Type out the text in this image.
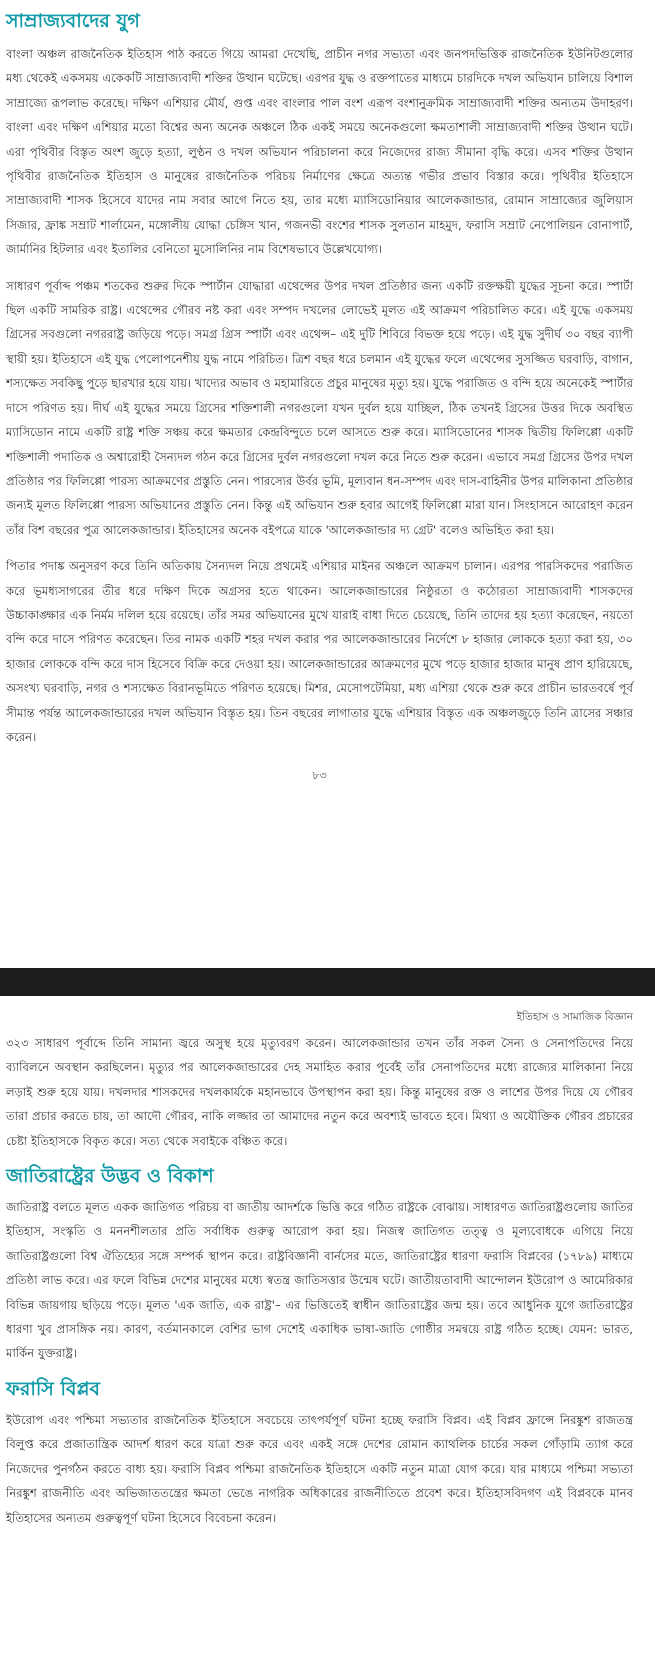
সাম্রাজ্যবাদের যুগ

বাংলা অঞ্চল রাজনৈতিক ইতিহাস পাঠ করতে গিয়ে আমরা দেখেছি, প্রাচীন নগর সভ্যতা এবং জনপদভিত্তিক রাজনৈতিক ইউনিটগুলোর মধ্য থেকেই একসময় একেকটি সাম্রাজ্যবাদী শক্তির উত্থান ঘটেছে। এরপর যুদ্ধ ও রক্তপাতের মাধ্যমে চারদিকে দখল অভিযান চালিয়ে বিশাল সাম্রাজ্যে রূপলাভ করেছে। দক্ষিণ এশিয়ার মৌর্য, গুপ্ত এবং বাংলার পাল বংশ এরূপ বংশানুক্রমিক সাম্রাজ্যবাদী শক্তির অন্যতম উদাহরণ। বাংলা এবং দক্ষিণ এশিয়ার মতো বিশ্বের অন্য অনেক অঞ্চলে ঠিক একই সময়ে অনেকগুলো ক্ষমতাশালী সাম্রাজ্যবাদী শক্তির উত্থান ঘটে। এরা পৃথিবীর বিস্তৃত অংশ জুড়ে হত্যা, লুণ্ঠন ও দখল অভিযান পরিচালনা করে নিজেদের রাজ্য সীমানা বৃদ্ধি করে। এসব শক্তির উত্থান পৃথিবীর রাজনৈতিক ইতিহাস ও মানুষের রাজনৈতিক পরিচয় নির্মাণের ক্ষেত্রে অত্যন্ত গভীর প্রভাব বিস্তার করে। পৃথিবীর ইতিহাসে সাম্রাজ্যবাদী শাসক হিসেবে যাদের নাম সবার আগে নিতে হয়, তার মধ্যে ম্যাসিডোনিয়ার আলেকজান্ডার, রোমান সাম্রাজ্যের জুলিয়াস সিজার, ফ্রাঙ্ক সম্রাট শার্লামেন, মঙ্গোলীয় যোদ্ধা চেঙ্গিস খান, গজনভী বংশের শাসক সুলতান মাহমুদ, ফরাসি সম্রাট নেপোলিয়ন বোনাপার্ট, জার্মানির হিটলার এবং ইতালির বেনিতো মুসোলিনির নাম বিশেষভাবে উল্লেখযোগ্য।

সাধারণ পূর্বাব্দ পঞ্চম শতকের শুরুর দিকে স্পার্টান যোদ্ধারা এথেন্সের উপর দখল প্রতিষ্ঠার জন্য একটি রক্তক্ষয়ী যুদ্ধের সূচনা করে। স্পার্টা ছিল একটি সামরিক রাষ্ট্র। এথেন্সের গৌরব নষ্ট করা এবং সম্পদ দখলের লোভেই মূলত এই আক্রমণ পরিচালিত করে। এই যুদ্ধে একসময় গ্রিসের সবগুলো নগররাষ্ট্র জড়িয়ে পড়ে। সমগ্র গ্রিস স্পার্টা এবং এথেন্স– এই দুটি শিবিরে বিভক্ত হয়ে পড়ে। এই যুদ্ধ সুদীর্ঘ ৩০ বছর ব্যাপী স্থায়ী হয়। ইতিহাসে এই যুদ্ধ পেলোপনেশীয় যুদ্ধ নামে পরিচিত। ত্রিশ বছর ধরে চলমান এই যুদ্ধের ফলে এথেন্সের সুসজ্জিত ঘরবাড়ি, বাগান, শস্যক্ষেত সবকিছু পুড়ে ছারখার হয়ে যায়। খাদ্যের অভাব ও মহামারিতে প্রচুর মানুষের মৃত্যু হয়। যুদ্ধে পরাজিত ও বন্দি হয়ে অনেকেই স্পার্টার দাসে পরিণত হয়। দীর্ঘ এই যুদ্ধের সময়ে গ্রিসের শক্তিশালী নগরগুলো যখন দুর্বল হয়ে যাচ্ছিল, ঠিক তখনই গ্রিসের উত্তর দিকে অবস্থিত ম্যাসিডোন নামে একটি রাষ্ট্র শক্তি সঞ্চয় করে ক্ষমতার কেন্দ্রবিন্দুতে চলে আসতে শুরু করে। ম্যাসিডোনের শাসক দ্বিতীয় ফিলিপ্পো একটি শক্তিশালী পদাতিক ও অশ্বারোহী সৈন্যদল গঠন করে গ্রিসের দুর্বল নগরগুলো দখল করে নিতে শুরু করেন। এভাবে সমগ্র গ্রিসের উপর দখল প্রতিষ্ঠার পর ফিলিপ্পো পারস্য আক্রমণের প্রস্তুতি নেন। পারস্যের উর্বর ভূমি, মূল্যবান ধন-সম্পদ এবং দাস-বাহিনীর উপর মালিকানা প্রতিষ্ঠার জন্যই মূলত ফিলিপ্পো পারস্য অভিযানের প্রস্তুতি নেন। কিন্তু এই অভিযান শুরু হবার আগেই ফিলিপ্পো মারা যান। সিংহাসনে আরোহণ করেন তাঁর বিশ বছরের পুত্র আলেকজান্ডার। ইতিহাসের অনেক বইপত্রে যাকে 'আলেকজান্ডার দ্য গ্রেট' বলেও অভিহিত করা হয়।

পিতার পদাঙ্ক অনুসরণ করে তিনি অতিকায় সৈন্যদল নিয়ে প্রথমেই এশিয়ার মাইনর অঞ্চলে আক্রমণ চালান। এরপর পারসিকদের পরাজিত করে ভূমধ্যসাগরের তীর ধরে দক্ষিণ দিকে অগ্রসর হতে থাকেন। আলেকজান্ডারের নিষ্ঠুরতা ও কঠোরতা সাম্রাজ্যবাদী শাসকদের উচ্চাকাঙ্ক্ষার এক নির্মম দলিল হয়ে রয়েছে। তাঁর সমর অভিযানের মুখে যারাই বাধা দিতে চেয়েছে, তিনি তাদের হয় হত্যা করেছেন, নয়তো বন্দি করে দাসে পরিণত করেছেন। তির নামক একটি শহর দখল করার পর আলেকজান্ডারের নির্দেশে ৮ হাজার লোককে হত্যা করা হয়, ৩০ হাজার লোককে বন্দি করে দাস হিসেবে বিক্রি করে দেওয়া হয়। আলেকজান্ডারের আক্রমণের মুখে পড়ে হাজার হাজার মানুষ প্রাণ হারিয়েছে, অসংখ্য ঘরবাড়ি, নগর ও শস্যক্ষেত বিরানভূমিতে পরিণত হয়েছে। মিশর, মেসোপটেমিয়া, মধ্য এশিয়া থেকে শুরু করে প্রাচীন ভারতবর্ষে পূর্ব সীমান্ত পর্যন্ত আলেকজান্ডারের দখল অভিযান বিস্তৃত হয়। তিন বছরের লাগাতার যুদ্ধে এশিয়ার বিস্তৃত এক অঞ্চলজুড়ে তিনি ত্রাসের সঞ্চার করেন।

৮৩
ইতিহাস ও সামাজিক বিজ্ঞান

৩২৩ সাধারণ পূর্বাব্দে তিনি সামান্য জ্বরে অসুস্থ হয়ে মৃত্যুবরণ করেন। আলেকজান্ডার তখন তাঁর সকল সৈন্য ও সেনাপতিদের নিয়ে ব্যাবিলনে অবস্থান করছিলেন। মৃত্যুর পর আলেকজান্ডারের দেহ সমাহিত করার পূর্বেই তাঁর সেনাপতিদের মধ্যে রাজ্যের মালিকানা নিয়ে লড়াই শুরু হয়ে যায়। দখলদার শাসকদের দখলকার্যকে মহানভাবে উপস্থাপন করা হয়। কিন্তু মানুষের রক্ত ও লাশের উপর দিয়ে যে গৌরব তারা প্রচার করতে চায়, তা আদৌ গৌরব, নাকি লজ্জার তা আমাদের নতুন করে অবশ্যই ভাবতে হবে। মিথ্যা ও অযৌক্তিক গৌরব প্রচারের চেষ্টা ইতিহাসকে বিকৃত করে। সত্য থেকে সবাইকে বঞ্চিত করে।

জাতিরাষ্ট্রের উদ্ভব ও বিকাশ

জাতিরাষ্ট্র বলতে মূলত একক জাতিগত পরিচয় বা জাতীয় আদর্শকে ভিত্তি করে গঠিত রাষ্ট্রকে বোঝায়। সাধারণত জাতিরাষ্ট্রগুলোয় জাতির ইতিহাস, সংস্কৃতি ও মননশীলতার প্রতি সর্বাধিক গুরুত্ব আরোপ করা হয়। নিজস্ব জাতিগত তত্ত্ব ও মূল্যবোধকে এগিয়ে নিয়ে জাতিরাষ্ট্রগুলো বিশ্ব ঐতিহ্যের সঙ্গে সম্পর্ক স্থাপন করে। রাষ্ট্রবিজ্ঞানী বার্নসের মতে, জাতিরাষ্ট্রের ধারণা ফরাসি বিপ্লবের (১৭৮৯) মাধ্যমে প্রতিষ্ঠা লাভ করে। এর ফলে বিভিন্ন দেশের মানুষের মধ্যে স্বতন্ত্র জাতিসত্তার উন্মেষ ঘটে। জাতীয়তাবাদী আন্দোলন ইউরোপ ও আমেরিকার বিভিন্ন জায়গায় ছড়িয়ে পড়ে। মূলত 'এক জাতি, এক রাষ্ট্র'– এর ভিত্তিতেই স্বাধীন জাতিরাষ্ট্রের জন্ম হয়। তবে আধুনিক যুগে জাতিরাষ্ট্রের ধারণা খুব প্রাসঙ্গিক নয়। কারণ, বর্তমানকালে বেশির ভাগ দেশেই একাধিক ভাষা-জাতি গোষ্ঠীর সমন্বয়ে রাষ্ট্র গঠিত হচ্ছে। যেমন: ভারত, মার্কিন যুক্তরাষ্ট্র।

ফরাসি বিপ্লব

ইউরোপ এবং পশ্চিমা সভ্যতার রাজনৈতিক ইতিহাসে সবচেয়ে তাৎপর্যপূর্ণ ঘটনা হচ্ছে ফরাসি বিপ্লব। এই বিপ্লব ফ্রান্সে নিরঙ্কুশ রাজতন্ত্র বিলুপ্ত করে প্রজাতান্ত্রিক আদর্শ ধারণ করে যাত্রা শুরু করে এবং একই সঙ্গে দেশের রোমান ক্যাথলিক চার্চের সকল গোঁড়ামি ত্যাগ করে নিজেদের পুনর্গঠন করতে বাধ্য হয়। ফরাসি বিপ্লব পশ্চিমা রাজনৈতিক ইতিহাসে একটি নতুন মাত্রা যোগ করে। যার মাধ্যমে পশ্চিমা সভ্যতা নিরঙ্কুশ রাজনীতি এবং অভিজাততন্ত্রের ক্ষমতা ভেঙে নাগরিক অধিকারের রাজনীতিতে প্রবেশ করে। ইতিহাসবিদগণ এই বিপ্লবকে মানব ইতিহাসের অন্যতম গুরুত্বপূর্ণ ঘটনা হিসেবে বিবেচনা করেন।
